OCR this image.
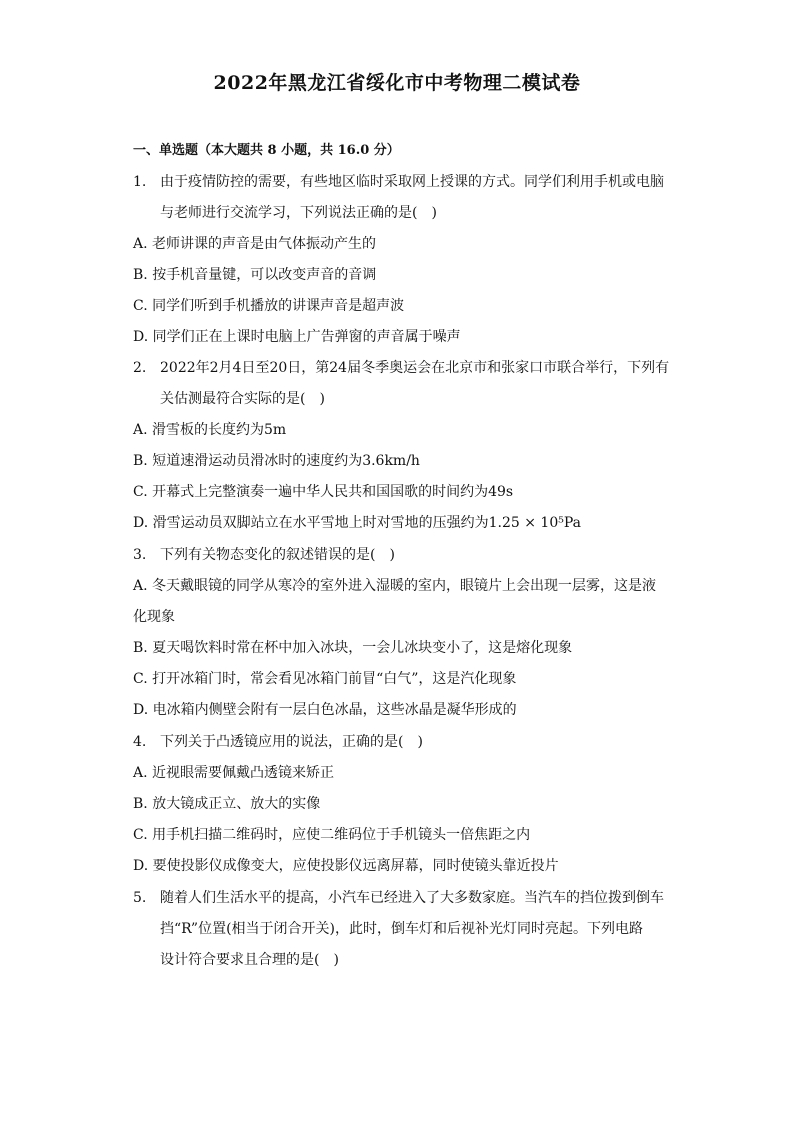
2022年黑龙江省绥化市中考物理二模试卷
一、单选题（本大题共 8 小题，共 16.0 分）
1. 由于疫情防控的需要，有些地区临时采取网上授课的方式。同学们利用手机或电脑
与老师进行交流学习，下列说法正确的是(　)
A. 老师讲课的声音是由气体振动产生的
B. 按手机音量键，可以改变声音的音调
C. 同学们听到手机播放的讲课声音是超声波
D. 同学们正在上课时电脑上广告弹窗的声音属于噪声
2. 2022年2月4日至20日，第24届冬季奥运会在北京市和张家口市联合举行，下列有
关估测最符合实际的是(　)
A. 滑雪板的长度约为5m
B. 短道速滑运动员滑冰时的速度约为3.6km/h
C. 开幕式上完整演奏一遍中华人民共和国国歌的时间约为49s
D. 滑雪运动员双脚站立在水平雪地上时对雪地的压强约为1.25 × 10⁵Pa
3. 下列有关物态变化的叙述错误的是(　)
A. 冬天戴眼镜的同学从寒冷的室外进入湿暖的室内，眼镜片上会出现一层雾，这是液
化现象
B. 夏天喝饮料时常在杯中加入冰块，一会儿冰块变小了，这是熔化现象
C. 打开冰箱门时，常会看见冰箱门前冒“白气”，这是汽化现象
D. 电冰箱内侧壁会附有一层白色冰晶，这些冰晶是凝华形成的
4. 下列关于凸透镜应用的说法，正确的是(　)
A. 近视眼需要佩戴凸透镜来矫正
B. 放大镜成正立、放大的实像
C. 用手机扫描二维码时，应使二维码位于手机镜头一倍焦距之内
D. 要使投影仪成像变大，应使投影仪远离屏幕，同时使镜头靠近投片
5. 随着人们生活水平的提高，小汽车已经进入了大多数家庭。当汽车的挡位拨到倒车
挡“R”位置(相当于闭合开关)，此时，倒车灯和后视补光灯同时亮起。下列电路
设计符合要求且合理的是(　)
